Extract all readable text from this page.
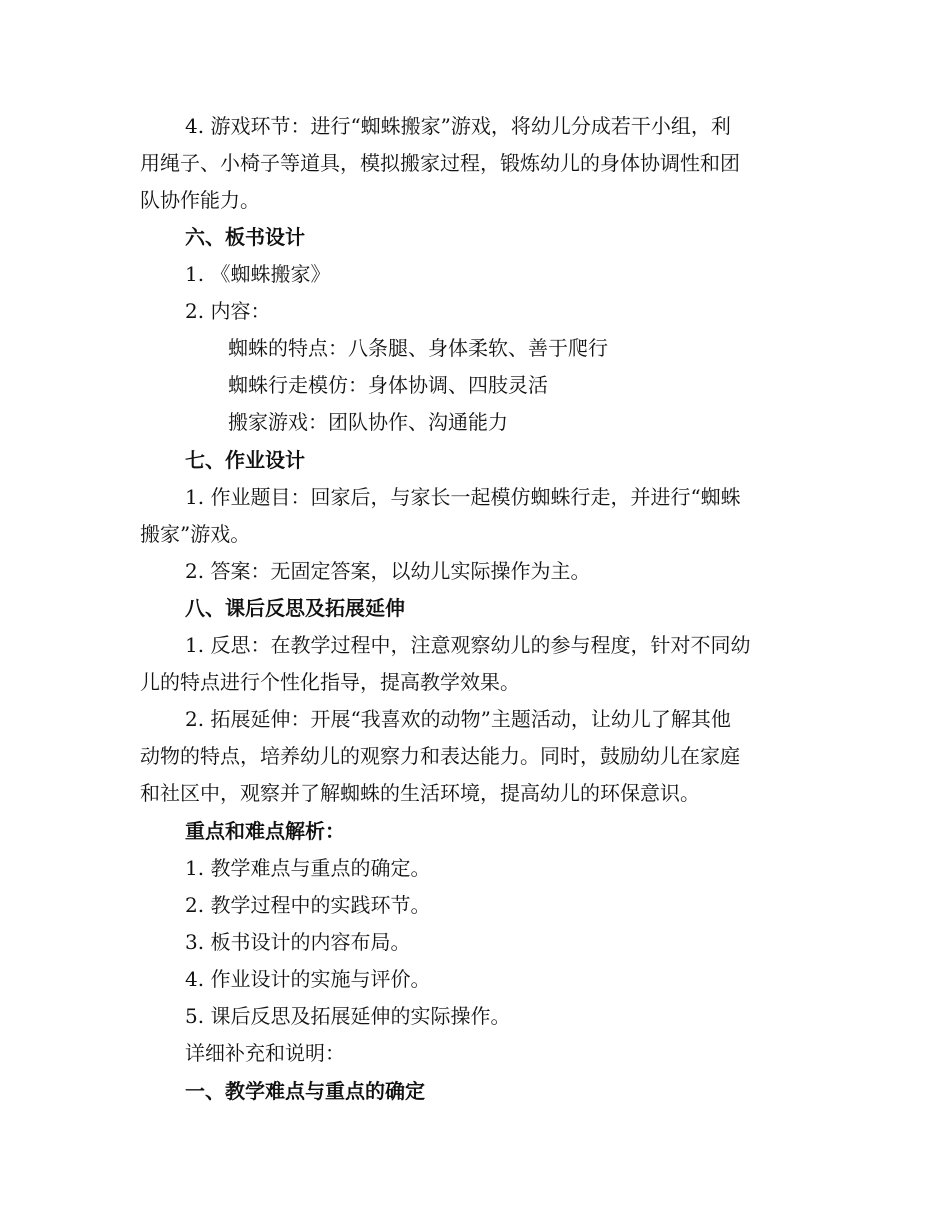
4. 游戏环节：进行“蜘蛛搬家”游戏，将幼儿分成若干小组，利

用绳子、小椅子等道具，模拟搬家过程，锻炼幼儿的身体协调性和团

队协作能力。

六、板书设计

1. 《蜘蛛搬家》

2. 内容：

蜘蛛的特点：八条腿、身体柔软、善于爬行

蜘蛛行走模仿：身体协调、四肢灵活

搬家游戏：团队协作、沟通能力

七、作业设计

1. 作业题目：回家后，与家长一起模仿蜘蛛行走，并进行“蜘蛛

搬家”游戏。

2. 答案：无固定答案，以幼儿实际操作为主。

八、课后反思及拓展延伸

1. 反思：在教学过程中，注意观察幼儿的参与程度，针对不同幼

儿的特点进行个性化指导，提高教学效果。

2. 拓展延伸：开展“我喜欢的动物”主题活动，让幼儿了解其他

动物的特点，培养幼儿的观察力和表达能力。同时，鼓励幼儿在家庭

和社区中，观察并了解蜘蛛的生活环境，提高幼儿的环保意识。

重点和难点解析：

1. 教学难点与重点的确定。

2. 教学过程中的实践环节。

3. 板书设计的内容布局。

4. 作业设计的实施与评价。

5. 课后反思及拓展延伸的实际操作。

详细补充和说明：

一、教学难点与重点的确定
